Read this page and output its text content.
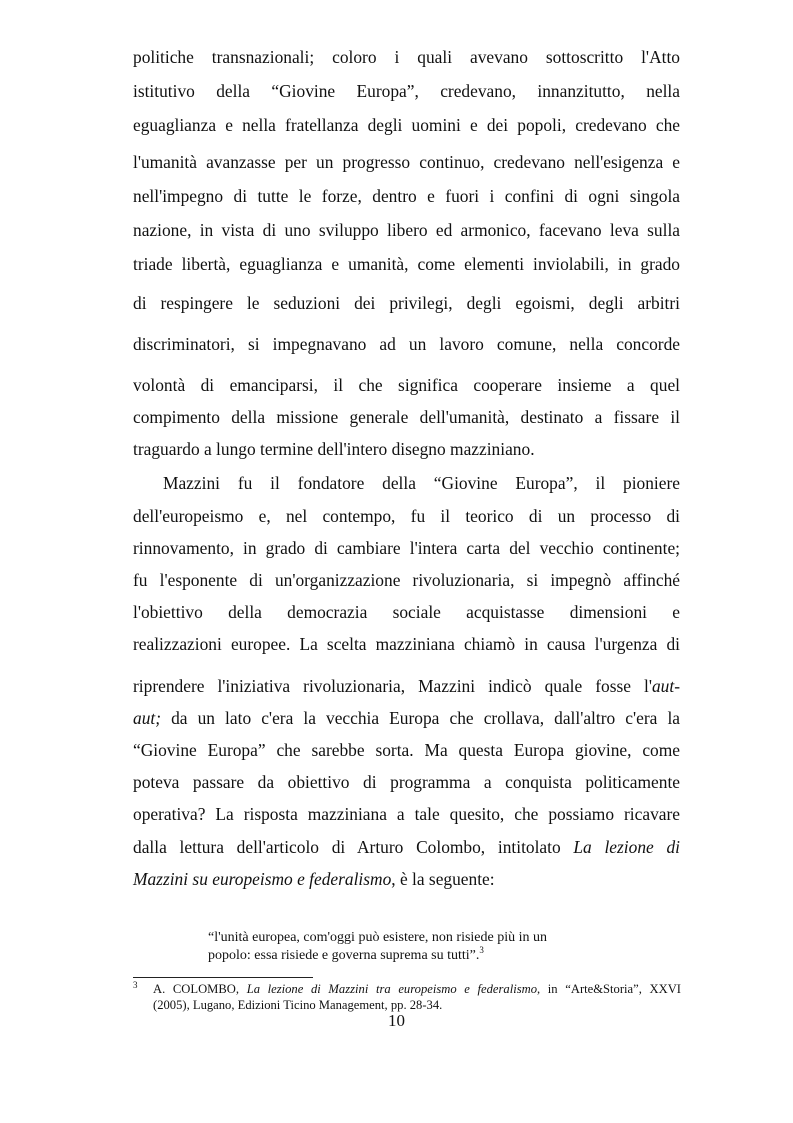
politiche transnazionali; coloro i quali avevano sottoscritto l'Atto
istitutivo della “Giovine Europa”, credevano, innanzitutto, nella
eguaglianza e nella fratellanza degli uomini e dei popoli, credevano che
l'umanità avanzasse per un progresso continuo, credevano nell'esigenza e
nell'impegno di tutte le forze, dentro e fuori i confini di ogni singola
nazione, in vista di uno sviluppo libero ed armonico, facevano leva sulla
triade libertà, eguaglianza e umanità, come elementi inviolabili, in grado
di respingere le seduzioni dei privilegi, degli egoismi, degli arbitri
discriminatori, si impegnavano ad un lavoro comune, nella concorde
volontà di emanciparsi, il che significa cooperare insieme a quel
compimento della missione generale dell'umanità, destinato a fissare il
traguardo a lungo termine dell'intero disegno mazziniano.
Mazzini fu il fondatore della “Giovine Europa”, il pioniere
dell'europeismo e, nel contempo, fu il teorico di un processo di
rinnovamento, in grado di cambiare l'intera carta del vecchio continente;
fu l'esponente di un'organizzazione rivoluzionaria, si impegnò affinché
l'obiettivo della democrazia sociale acquistasse dimensioni e
realizzazioni europee. La scelta mazziniana chiamò in causa l'urgenza di
riprendere l'iniziativa rivoluzionaria, Mazzini indicò quale fosse l'aut-
aut; da un lato c'era la vecchia Europa che crollava, dall'altro c'era la
“Giovine Europa” che sarebbe sorta. Ma questa Europa giovine, come
poteva passare da obiettivo di programma a conquista politicamente
operativa? La risposta mazziniana a tale quesito, che possiamo ricavare
dalla lettura dell'articolo di Arturo Colombo, intitolato La lezione di
Mazzini su europeismo e federalismo, è la seguente:
“l'unità europea, com'oggi può esistere, non risiede più in un
popolo: essa risiede e governa suprema su tutti”.$^3$
3 A. COLOMBO, La lezione di Mazzini tra europeismo e federalismo, in “Arte&Storia”, XXVI
(2005), Lugano, Edizioni Ticino Management, pp. 28-34.
10
